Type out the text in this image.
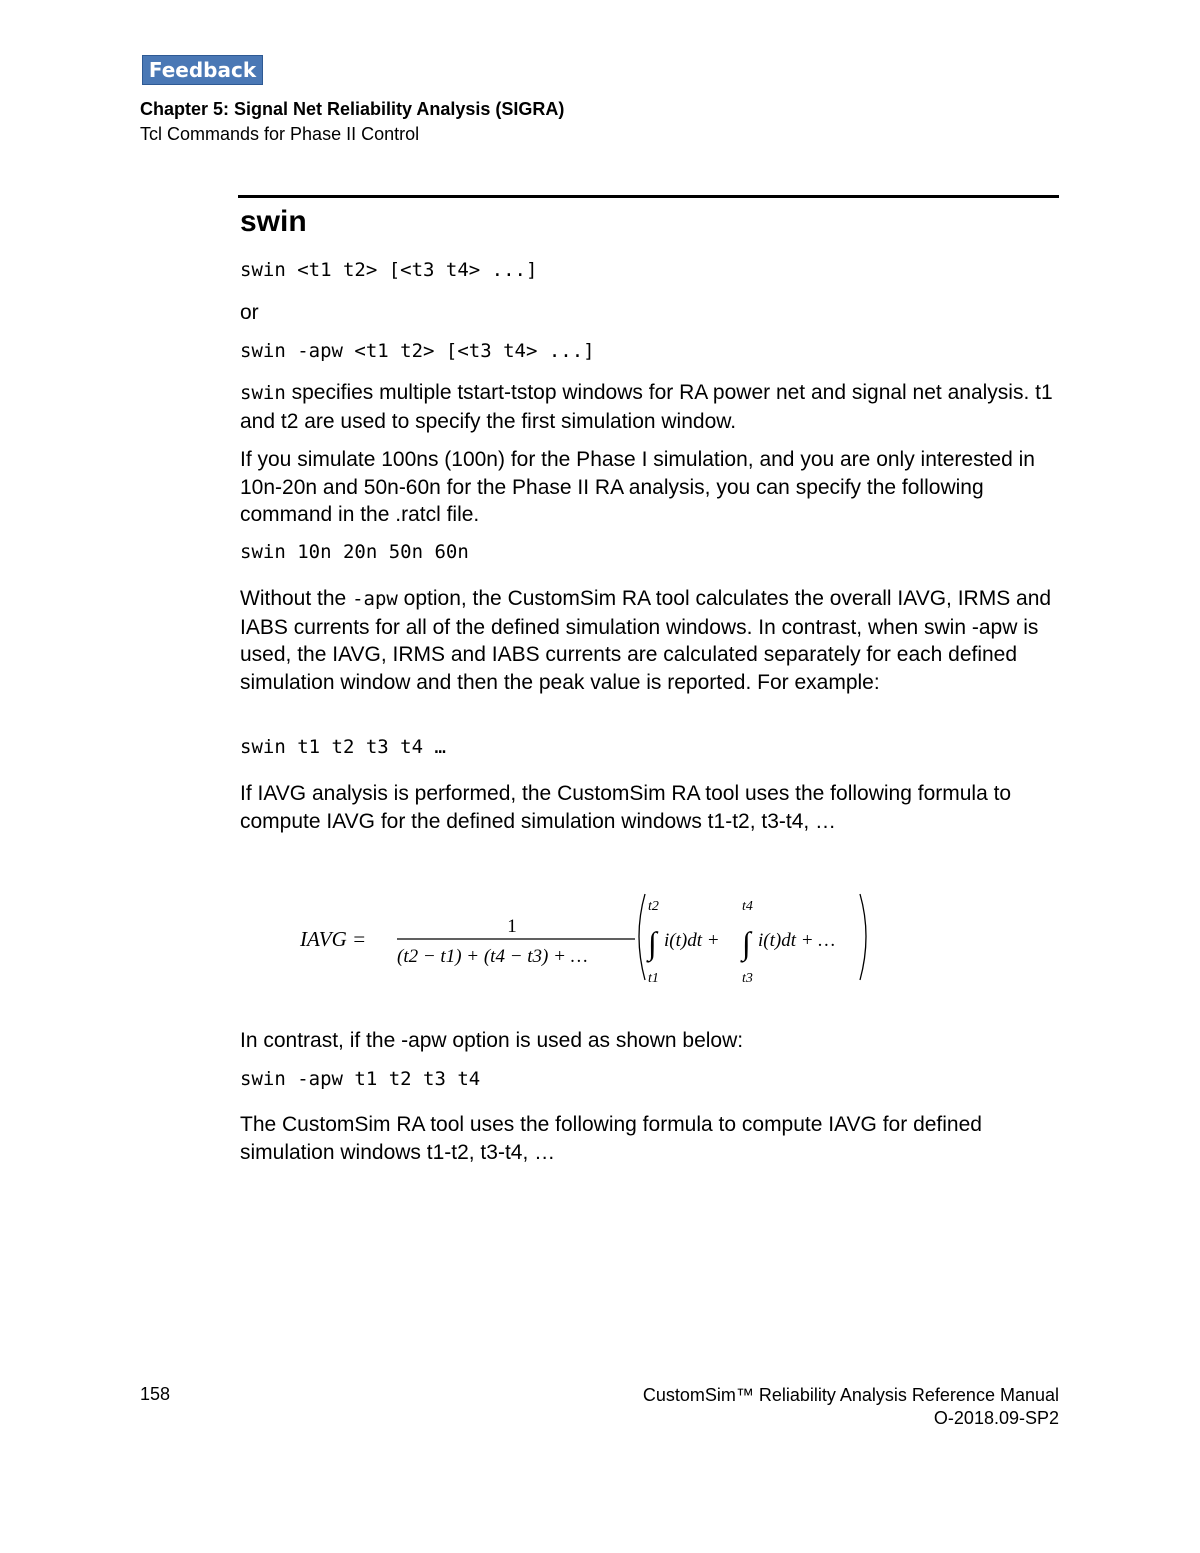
Feedback
Chapter 5: Signal Net Reliability Analysis (SIGRA)
Tcl Commands for Phase II Control
swin
swin <t1 t2> [<t3 t4> ...]
or
swin -apw <t1 t2> [<t3 t4> ...]
swin specifies multiple tstart-tstop windows for RA power net and signal net analysis. t1 and t2 are used to specify the first simulation window.
If you simulate 100ns (100n) for the Phase I simulation, and you are only interested in 10n-20n and 50n-60n for the Phase II RA analysis, you can specify the following command in the .ratcl file.
swin 10n 20n 50n 60n
Without the -apw option, the CustomSim RA tool calculates the overall IAVG, IRMS and IABS currents for all of the defined simulation windows. In contrast, when swin -apw is used, the IAVG, IRMS and IABS currents are calculated separately for each defined simulation window and then the peak value is reported. For example:
swin t1 t2 t3 t4 …
If IAVG analysis is performed, the CustomSim RA tool uses the following formula to compute IAVG for the defined simulation windows t1-t2, t3-t4, …
IAVG =
1
(t2 − t1) + (t4 − t3) + …
t2
t1
∫ i(t)dt +
t4
t3
∫ i(t)dt + …
In contrast, if the -apw option is used as shown below:
swin -apw t1 t2 t3 t4
The CustomSim RA tool uses the following formula to compute IAVG for defined simulation windows t1-t2, t3-t4, …
158	CustomSim™ Reliability Analysis Reference Manual
O-2018.09-SP2
